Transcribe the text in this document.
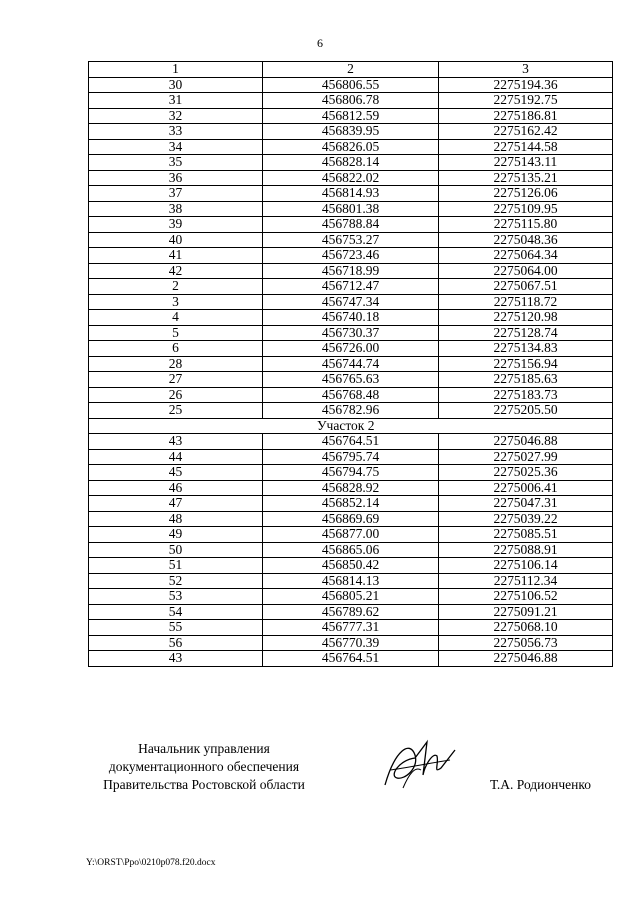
6
1	2	3
30	456806.55	2275194.36
31	456806.78	2275192.75
32	456812.59	2275186.81
33	456839.95	2275162.42
34	456826.05	2275144.58
35	456828.14	2275143.11
36	456822.02	2275135.21
37	456814.93	2275126.06
38	456801.38	2275109.95
39	456788.84	2275115.80
40	456753.27	2275048.36
41	456723.46	2275064.34
42	456718.99	2275064.00
2	456712.47	2275067.51
3	456747.34	2275118.72
4	456740.18	2275120.98
5	456730.37	2275128.74
6	456726.00	2275134.83
28	456744.74	2275156.94
27	456765.63	2275185.63
26	456768.48	2275183.73
25	456782.96	2275205.50
Участок 2		
43	456764.51	2275046.88
44	456795.74	2275027.99
45	456794.75	2275025.36
46	456828.92	2275006.41
47	456852.14	2275047.31
48	456869.69	2275039.22
49	456877.00	2275085.51
50	456865.06	2275088.91
51	456850.42	2275106.14
52	456814.13	2275112.34
53	456805.21	2275106.52
54	456789.62	2275091.21
55	456777.31	2275068.10
56	456770.39	2275056.73
43	456764.51	2275046.88
Начальник управления
документационного обеспечения
Правительства Ростовской области	Т.А. Родионченко
Y:\ORST\Ppo\0210p078.f20.docx
